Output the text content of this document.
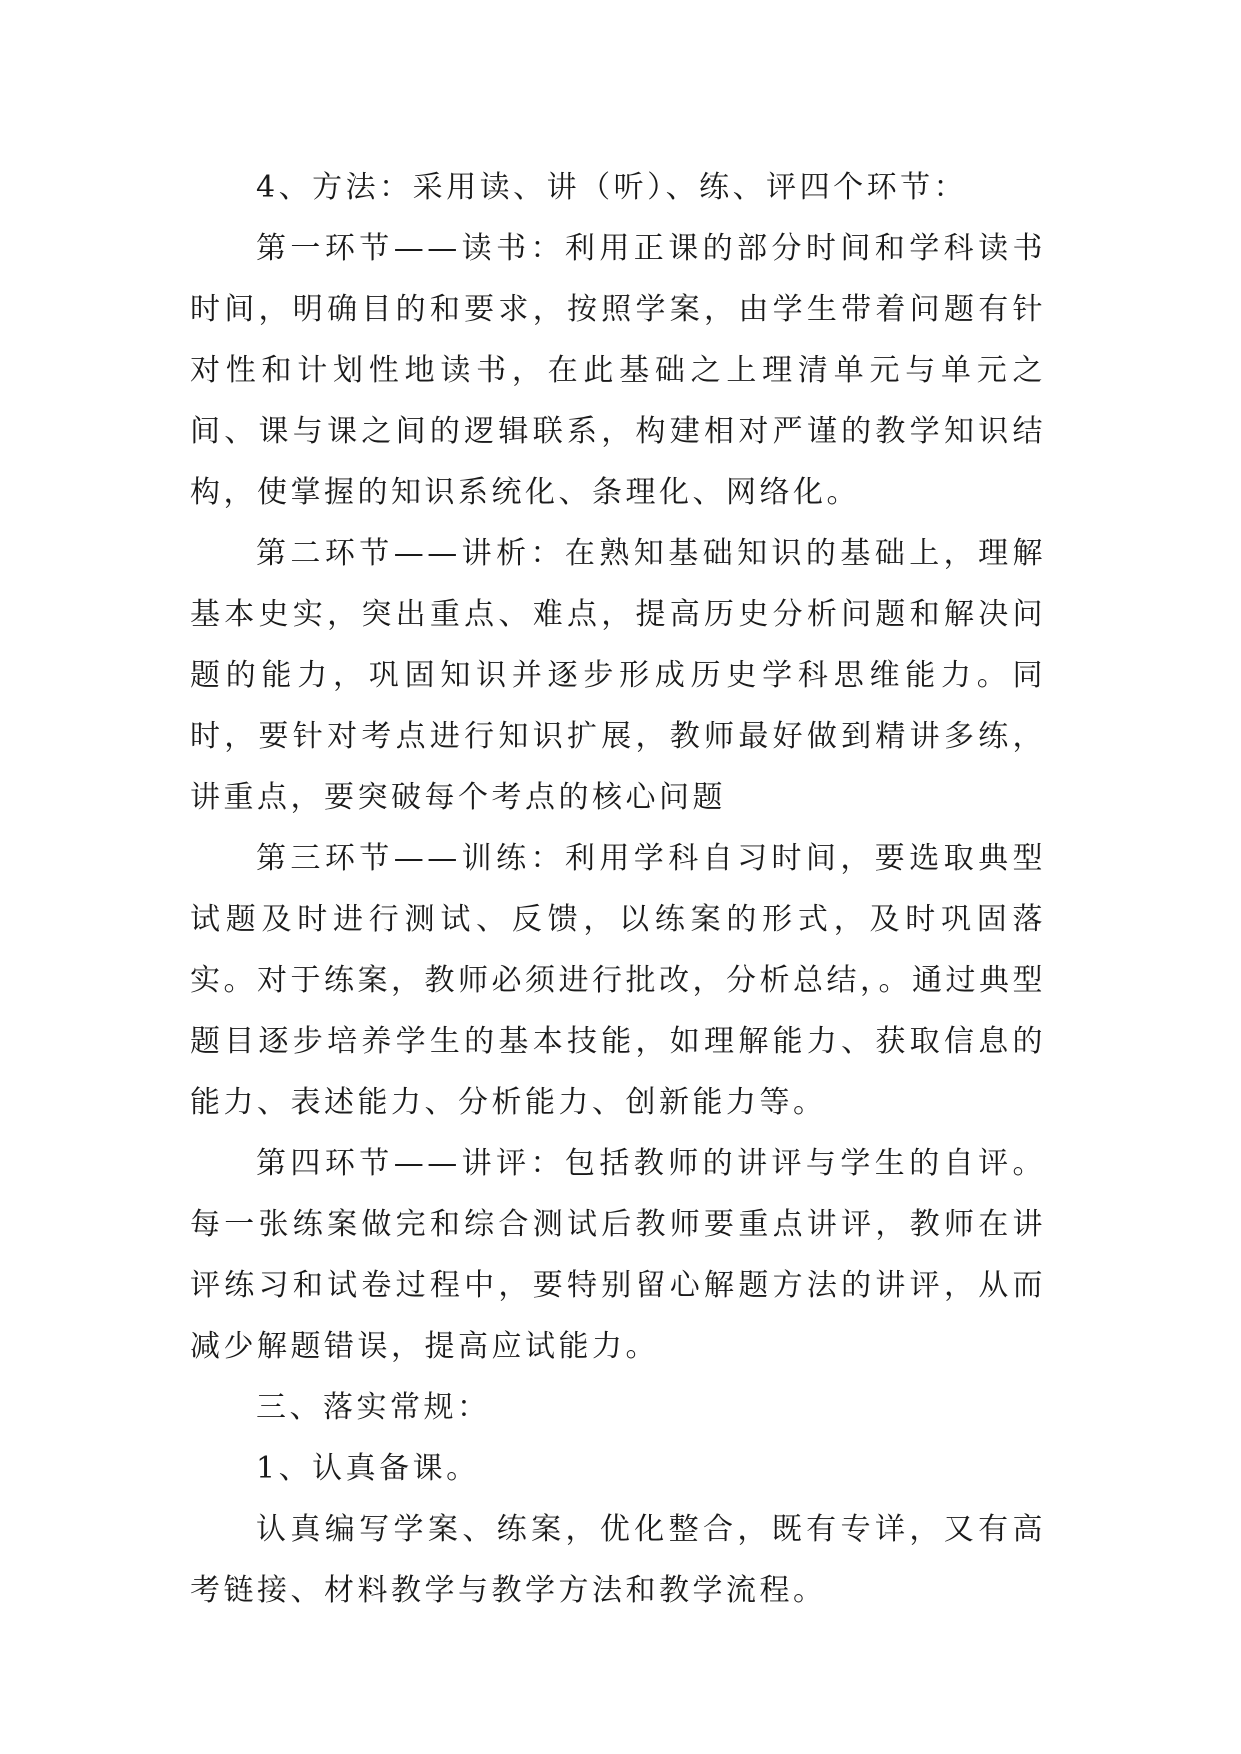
4、方法：采用读、讲（听）、练、评四个环节：

第一环节——读书：利用正课的部分时间和学科读书时间，明确目的和要求，按照学案，由学生带着问题有针对性和计划性地读书，在此基础之上理清单元与单元之间、课与课之间的逻辑联系，构建相对严谨的教学知识结构，使掌握的知识系统化、条理化、网络化。

第二环节——讲析：在熟知基础知识的基础上，理解基本史实，突出重点、难点，提高历史分析问题和解决问题的能力，巩固知识并逐步形成历史学科思维能力。同时，要针对考点进行知识扩展，教师最好做到精讲多练，讲重点，要突破每个考点的核心问题

第三环节——训练：利用学科自习时间，要选取典型试题及时进行测试、反馈，以练案的形式，及时巩固落实。对于练案，教师必须进行批改，分析总结，。通过典型题目逐步培养学生的基本技能，如理解能力、获取信息的能力、表述能力、分析能力、创新能力等。

第四环节——讲评：包括教师的讲评与学生的自评。每一张练案做完和综合测试后教师要重点讲评，教师在讲评练习和试卷过程中，要特别留心解题方法的讲评，从而减少解题错误，提高应试能力。

三、落实常规：

1、认真备课。

认真编写学案、练案，优化整合，既有专详，又有高考链接、材料教学与教学方法和教学流程。
